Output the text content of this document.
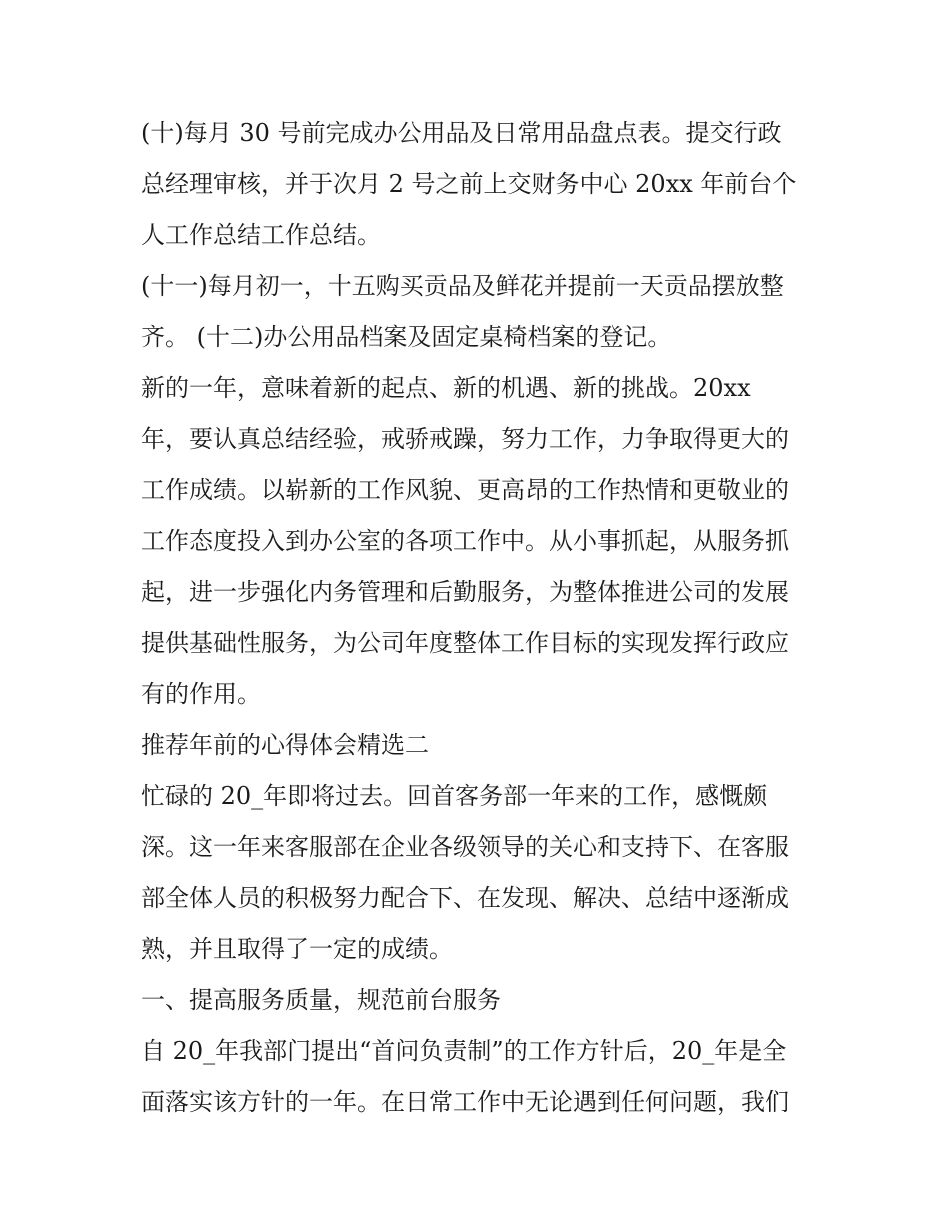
(十)每月 30 号前完成办公用品及日常用品盘点表。提交行政
总经理审核，并于次月 2 号之前上交财务中心 20xx 年前台个
人工作总结工作总结。
(十一)每月初一，十五购买贡品及鲜花并提前一天贡品摆放整
齐。 (十二)办公用品档案及固定桌椅档案的登记。
新的一年，意味着新的起点、新的机遇、新的挑战。20xx
年，要认真总结经验，戒骄戒躁，努力工作，力争取得更大的
工作成绩。以崭新的工作风貌、更高昂的工作热情和更敬业的
工作态度投入到办公室的各项工作中。从小事抓起，从服务抓
起，进一步强化内务管理和后勤服务，为整体推进公司的发展
提供基础性服务，为公司年度整体工作目标的实现发挥行政应
有的作用。
推荐年前的心得体会精选二
忙碌的 20_年即将过去。回首客务部一年来的工作，感慨颇
深。这一年来客服部在企业各级领导的关心和支持下、在客服
部全体人员的积极努力配合下、在发现、解决、总结中逐渐成
熟，并且取得了一定的成绩。
一、提高服务质量，规范前台服务
自 20_年我部门提出“首问负责制”的工作方针后，20_年是全
面落实该方针的一年。在日常工作中无论遇到任何问题，我们
